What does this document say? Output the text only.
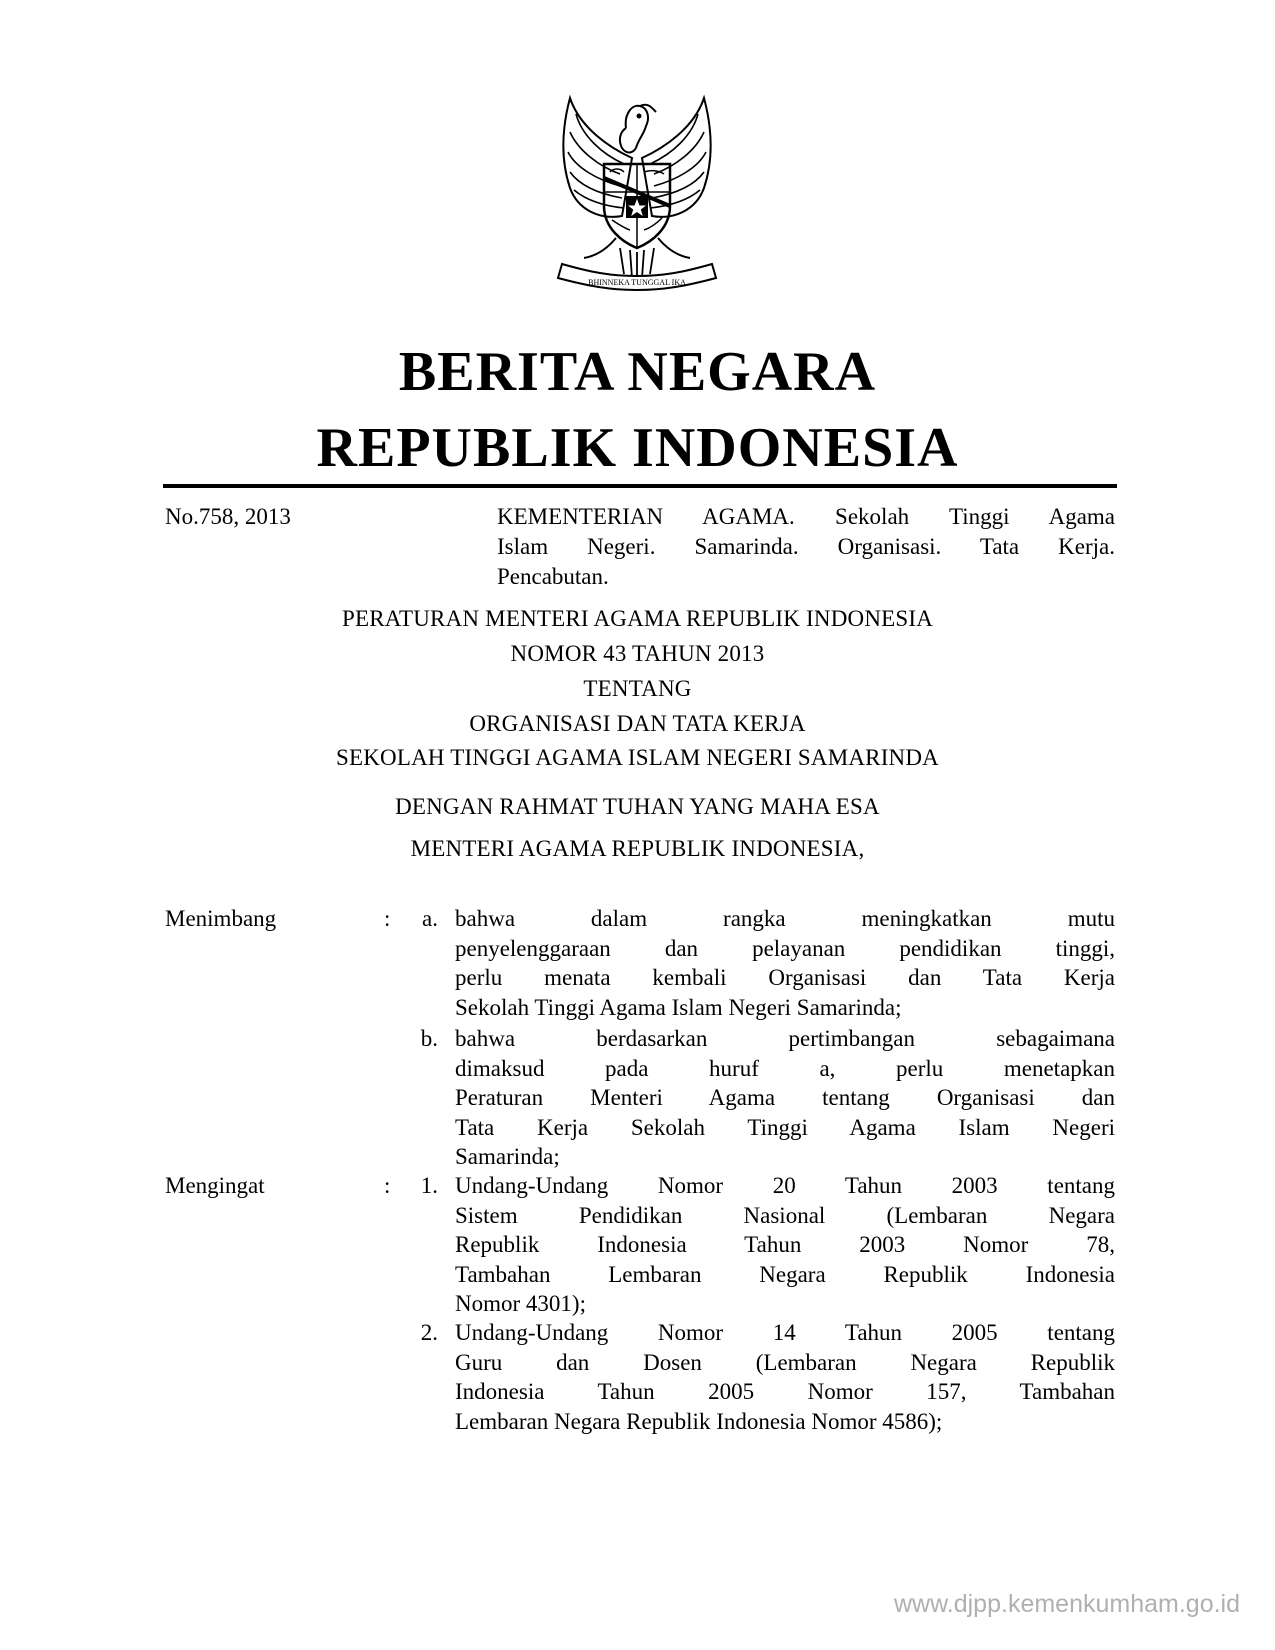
BHINNEKA TUNGGAL IKA
BERITA NEGARA
REPUBLIK INDONESIA
No.758, 2013	KEMENTERIAN AGAMA. Sekolah Tinggi Agama
Islam Negeri. Samarinda. Organisasi. Tata Kerja.
Pencabutan.
PERATURAN MENTERI AGAMA REPUBLIK INDONESIA
NOMOR 43 TAHUN 2013
TENTANG
ORGANISASI DAN TATA KERJA
SEKOLAH TINGGI AGAMA ISLAM NEGERI SAMARINDA
DENGAN RAHMAT TUHAN YANG MAHA ESA
MENTERI AGAMA REPUBLIK INDONESIA,
Menimbang	:	a. bahwa dalam rangka meningkatkan mutu
penyelenggaraan dan pelayanan pendidikan tinggi,
perlu menata kembali Organisasi dan Tata Kerja
Sekolah Tinggi Agama Islam Negeri Samarinda;
b. bahwa berdasarkan pertimbangan sebagaimana
dimaksud pada huruf a, perlu menetapkan
Peraturan Menteri Agama tentang Organisasi dan
Tata Kerja Sekolah Tinggi Agama Islam Negeri
Samarinda;
Mengingat	:	1. Undang-Undang Nomor 20 Tahun 2003 tentang
Sistem Pendidikan Nasional (Lembaran Negara
Republik Indonesia Tahun 2003 Nomor 78,
Tambahan Lembaran Negara Republik Indonesia
Nomor 4301);
2. Undang-Undang Nomor 14 Tahun 2005 tentang
Guru dan Dosen (Lembaran Negara Republik
Indonesia Tahun 2005 Nomor 157, Tambahan
Lembaran Negara Republik Indonesia Nomor 4586);
www.djpp.kemenkumham.go.id
